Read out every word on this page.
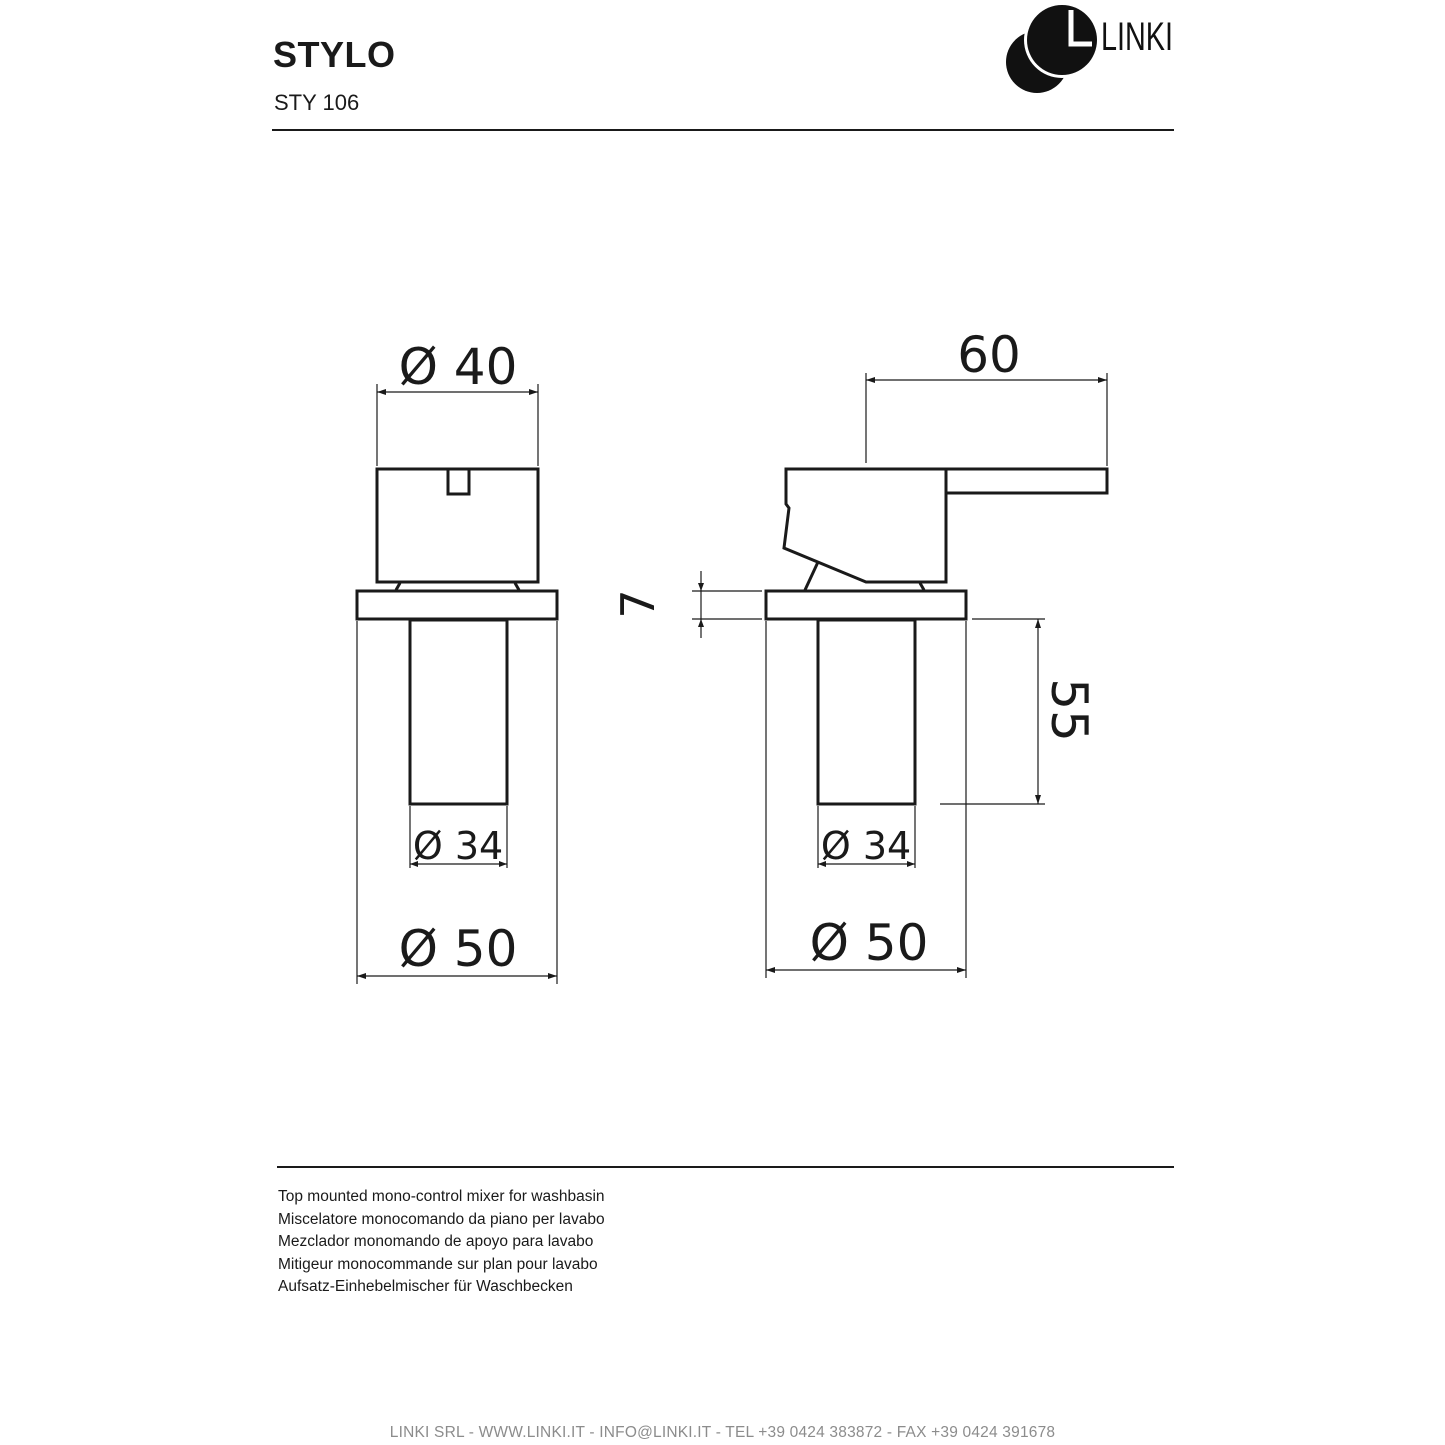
STYLO
STY 106
LINKI
Ø 40
Ø 34
Ø 50
60
7
55
Ø 34
Ø 50
Top mounted mono-control mixer for washbasin
Miscelatore monocomando da piano per lavabo
Mezclador monomando de apoyo para lavabo
Mitigeur monocommande sur plan pour lavabo
Aufsatz-Einhebelmischer für Waschbecken
LINKI SRL - WWW.LINKI.IT - INFO@LINKI.IT - TEL +39 0424 383872 - FAX +39 0424 391678
